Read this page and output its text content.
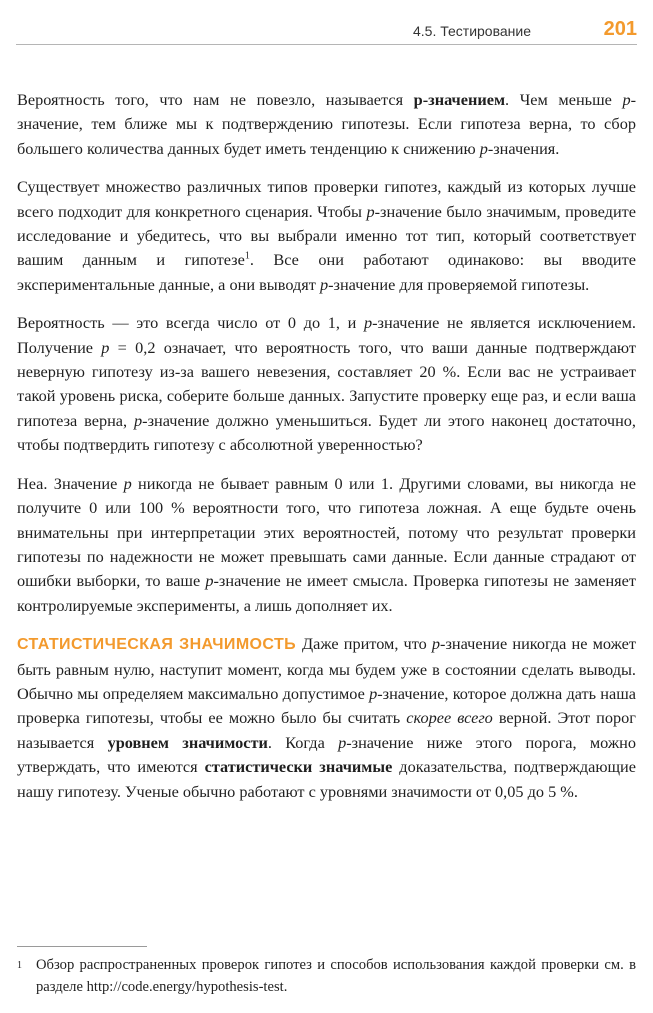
4.5. Тестирование	201

Вероятность того, что нам не повезло, называется p-значением. Чем меньше p-значение, тем ближе мы к подтверждению гипотезы. Если гипотеза верна, то сбор большего количества данных будет иметь тенденцию к снижению p-значения.

Существует множество различных типов проверки гипотез, каждый из которых лучше всего подходит для конкретного сценария. Чтобы p-значение было значимым, проведите исследование и убедитесь, что вы выбрали именно тот тип, который соответствует вашим данным и гипотезе$^1$. Все они работают одинаково: вы вводите экспериментальные данные, а они выводят p-значение для проверяемой гипотезы.

Вероятность — это всегда число от 0 до 1, и p-значение не является исключением. Получение p = 0,2 означает, что вероятность того, что ваши данные подтверждают неверную гипотезу из-за вашего невезения, составляет 20 %. Если вас не устраивает такой уровень риска, соберите больше данных. Запустите проверку еще раз, и если ваша гипотеза верна, p-значение должно уменьшиться. Будет ли этого наконец достаточно, чтобы подтвердить гипотезу с абсолютной уверенностью?

Неа. Значение p никогда не бывает равным 0 или 1. Другими словами, вы никогда не получите 0 или 100 % вероятности того, что гипотеза ложная. А еще будьте очень внимательны при интерпретации этих вероятностей, потому что результат проверки гипотезы по надежности не может превышать сами данные. Если данные страдают от ошибки выборки, то ваше p-значение не имеет смысла. Проверка гипотезы не заменяет контролируемые эксперименты, а лишь дополняет их.

СТАТИСТИЧЕСКАЯ ЗНАЧИМОСТЬ Даже притом, что p-значение никогда не может быть равным нулю, наступит момент, когда мы будем уже в состоянии сделать выводы. Обычно мы определяем максимально допустимое p-значение, которое должна дать наша проверка гипотезы, чтобы ее можно было бы считать скорее всего верной. Этот порог называется уровнем значимости. Когда p-значение ниже этого порога, можно утверждать, что имеются статистически значимые доказательства, подтверждающие нашу гипотезу. Ученые обычно работают с уровнями значимости от 0,05 до 5 %.

1 Обзор распространенных проверок гипотез и способов использования каждой проверки см. в разделе http://code.energy/hypothesis-test.
